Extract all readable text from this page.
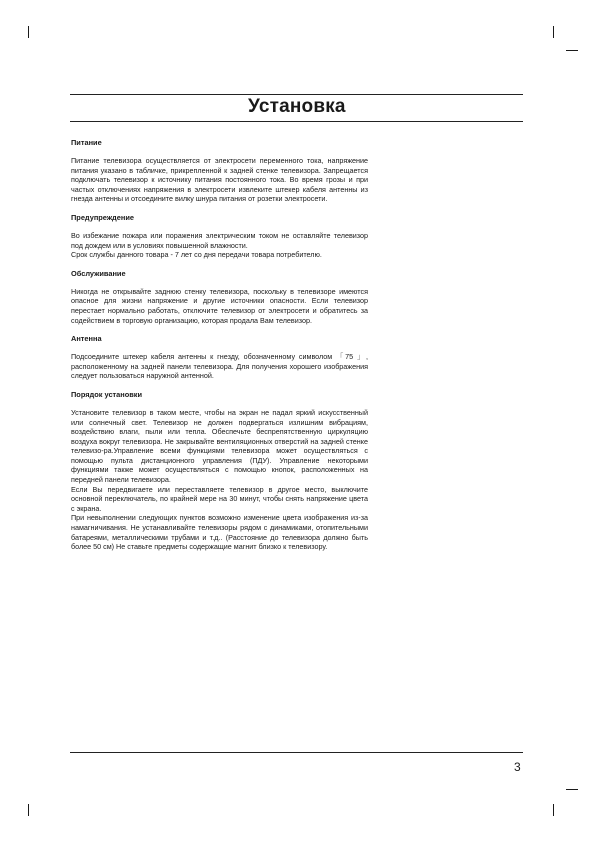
Установка
Питание
Питание телевизора осуществляется от электросети переменного тока, напряжение питания указано в табличке, прикрепленной к задней стенке телевизора. Запрещается подключать телевизор к источнику питания постоянного тока. Во время грозы и при частых отключениях напряжения в электросети извлеките штекер кабеля антенны из гнезда антенны и отсоедините вилку шнура питания от розетки электросети.
Предупреждение
Во избежание пожара или поражения электрическим током не оставляйте телевизор под дождем или в условиях повышенной влажности.
Срок службы данного товара - 7 лет со дня передачи товара потребителю.
Обслуживание
Никогда не открывайте заднюю стенку телевизора, поскольку в телевизоре имеются опасное для жизни напряжение и другие источники опасности. Если телевизор перестает нормально работать, отключите телевизор от электросети и обратитесь за содействием в торговую организацию, которая продала Вам телевизор.
Антенна
Подсоедините штекер кабеля антенны к гнезду, обозначенному символом 「75 」, расположенному на задней панели телевизора. Для получения хорошего изображения следует пользоваться наружной антенной.
Порядок установки
Установите телевизор в таком месте, чтобы на экран не падал яркий искусственный или солнечный свет. Телевизор не должен подвергаться излишним вибрациям, воздействию влаги, пыли или тепла. Обеспечьте беспрепятственную циркуляцию воздуха вокруг телевизора. Не закрывайте вентиляционных отверстий на задней стенке телевизо-ра.Управление всеми функциями телевизора может осуществляться с помощью пульта дистанционного управления (ПДУ). Управление некоторыми функциями также может осуществляться с помощью кнопок, расположенных на передней панели телевизора.
Если Вы передвигаете или переставляете телевизор в другое место, выключите основной переключатель, по крайней мере на 30 минут, чтобы снять напряжение цвета с экрана.
При невыполнении следующих пунктов возможно изменение цвета изображения из-за намагничивания. Не устанавливайте телевизоры рядом с динамиками, отопительными батареями, металлическими трубами и т.д.. (Расстояние до телевизора должно быть более 50 см) Не ставьте предметы содержащие магнит близко к телевизору.
3
